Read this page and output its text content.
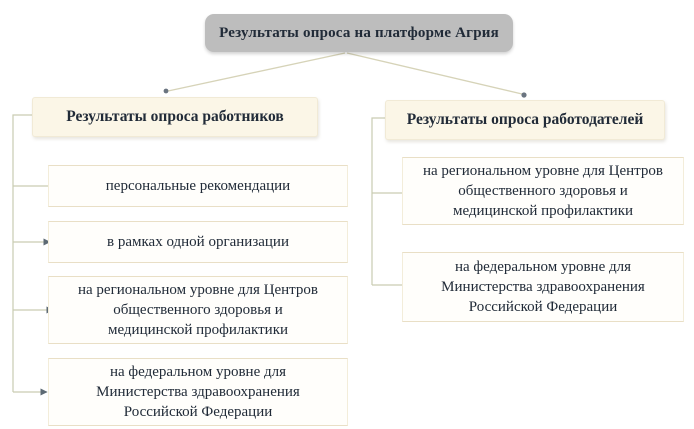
Результаты опроса на платформе Агрия
Результаты опроса работников
персональные рекомендации
в рамках одной организации
на региональном уровне для Центров общественного здоровья и медицинской профилактики
на федеральном уровне для Министерства здравоохранения Российской Федерации
Результаты опроса работодателей
на региональном уровне для Центров общественного здоровья и медицинской профилактики
на федеральном уровне для Министерства здравоохранения Российской Федерации
